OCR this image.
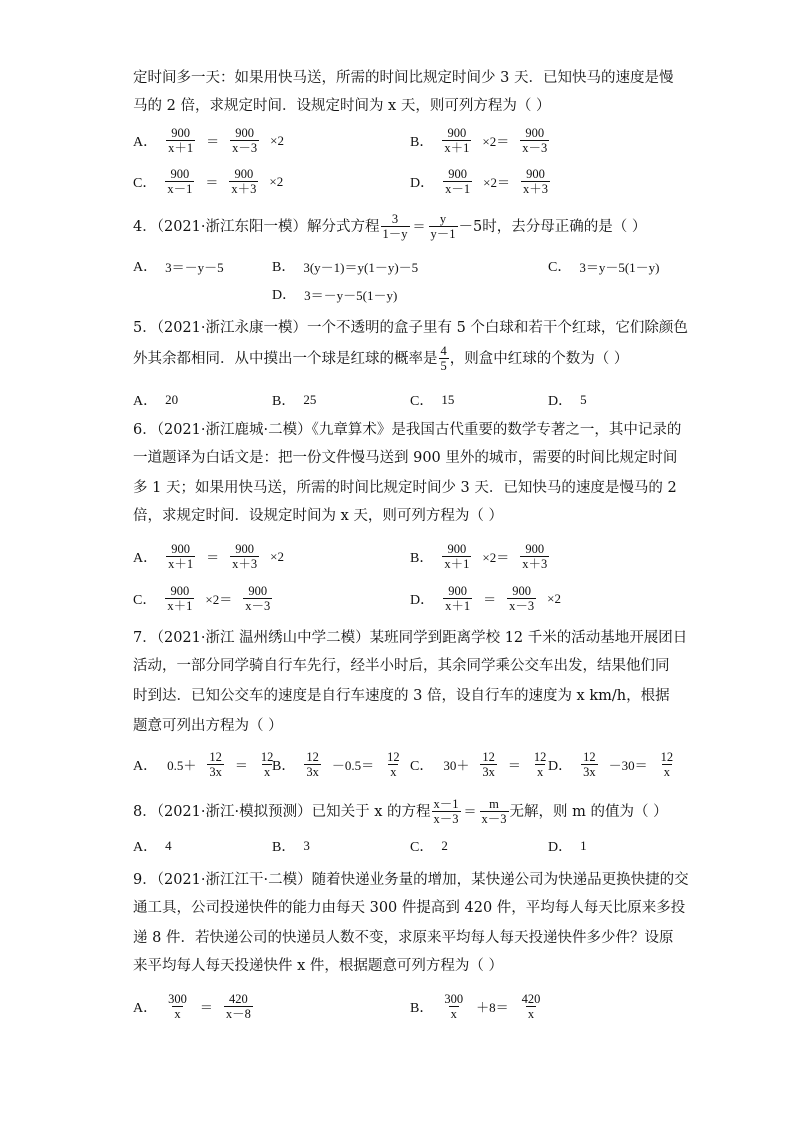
定时间多一天：如果用快马送，所需的时间比规定时间少 3 天．已知快马的速度是慢
马的 2 倍，求规定时间．设规定时间为 x 天，则可列方程为（ ）
A． $\frac{900}{x+1} = \frac{900}{x-3} \times 2$	B． $\frac{900}{x+1} \times 2= \frac{900}{x-3}$
C． $\frac{900}{x-1} = \frac{900}{x+3} \times 2$	D． $\frac{900}{x-1} \times 2= \frac{900}{x+3}$
4．（2021·浙江东阳一模）解分式方程 $\frac{3}{1-y} = \frac{y}{y-1} -5$时，去分母正确的是（ ）
A． 3＝－y－5	B． 3(y－1)＝y(1－y)－5	C． 3＝y－5(1－y)
D． 3＝－y－5(1－y)
5．（2021·浙江永康一模）一个不透明的盒子里有 5 个白球和若干个红球，它们除颜色
外其余都相同．从中摸出一个球是红球的概率是 $\frac{4}{5}$ ，则盒中红球的个数为（ ）
A． 20	B． 25	C． 15	D． 5
6．（2021·浙江鹿城·二模）《九章算术》是我国古代重要的数学专著之一，其中记录的
一道题译为白话文是：把一份文件慢马送到 900 里外的城市，需要的时间比规定时间
多 1 天；如果用快马送，所需的时间比规定时间少 3 天．已知快马的速度是慢马的 2
倍，求规定时间．设规定时间为 x 天，则可列方程为（ ）
A． $\frac{900}{x+1} = \frac{900}{x+3} \times 2$	B． $\frac{900}{x+1} \times 2= \frac{900}{x+3}$
C． $\frac{900}{x+1} \times 2= \frac{900}{x-3}$	D． $\frac{900}{x+1} = \frac{900}{x-3} \times 2$
7．（2021·浙江 温州绣山中学二模）某班同学到距离学校 12 千米的活动基地开展团日
活动，一部分同学骑自行车先行，经半小时后，其余同学乘公交车出发，结果他们同
时到达．已知公交车的速度是自行车速度的 3 倍，设自行车的速度为 x km/h，根据
题意可列出方程为（ ）
A． $0.5+ \frac{12}{3x} = \frac{12}{x}$
B． $\frac{12}{3x} -0.5= \frac{12}{x}$ C． $30+ \frac{12}{3x} = \frac{12}{x}$ D． $\frac{12}{3x} -30= \frac{12}{x}$
8．（2021·浙江·模拟预测）已知关于 x 的方程 $\frac{x-1}{x-3} = \frac{m}{x-3}$ 无解，则 m 的值为（ ）
A． 4	B． 3	C． 2	D． 1
9．（2021·浙江江干·二模）随着快递业务量的增加，某快递公司为快递品更换快捷的交
通工具，公司投递快件的能力由每天 300 件提高到 420 件，平均每人每天比原来多投
递 8 件．若快递公司的快递员人数不变，求原来平均每人每天投递快件多少件？设原
来平均每人每天投递快件 x 件，根据题意可列方程为（ ）
A． $\frac{300}{x} = \frac{420}{x-8}$	B． $\frac{300}{x} +8= \frac{420}{x}$
